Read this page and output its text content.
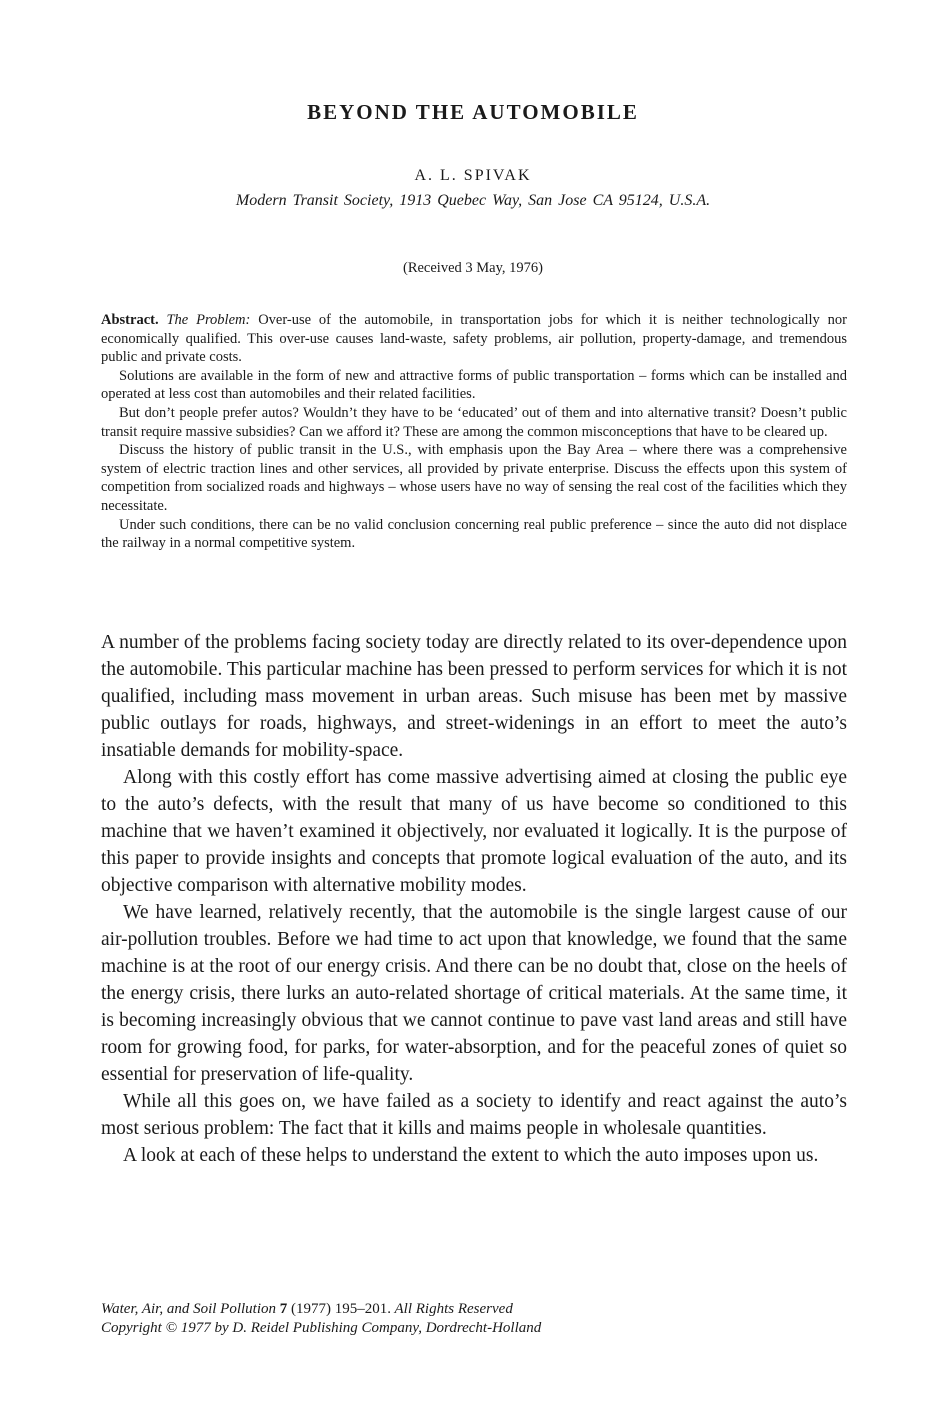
BEYOND THE AUTOMOBILE
A. L. SPIVAK
Modern Transit Society, 1913 Quebec Way, San Jose CA 95124, U.S.A.
(Received 3 May, 1976)

Abstract. The Problem: Over-use of the automobile, in transportation jobs for which it is neither technologically nor economically qualified. This over-use causes land-waste, safety problems, air pollution, property-damage, and tremendous public and private costs.

Solutions are available in the form of new and attractive forms of public transportation – forms which can be installed and operated at less cost than automobiles and their related facilities.

But don’t people prefer autos? Wouldn’t they have to be ‘educated’ out of them and into alternative transit? Doesn’t public transit require massive subsidies? Can we afford it? These are among the common misconceptions that have to be cleared up.

Discuss the history of public transit in the U.S., with emphasis upon the Bay Area – where there was a comprehensive system of electric traction lines and other services, all provided by private enterprise. Discuss the effects upon this system of competition from socialized roads and highways – whose users have no way of sensing the real cost of the facilities which they necessitate.

Under such conditions, there can be no valid conclusion concerning real public preference – since the auto did not displace the railway in a normal competitive system.

A number of the problems facing society today are directly related to its over-dependence upon the automobile. This particular machine has been pressed to perform services for which it is not qualified, including mass movement in urban areas. Such misuse has been met by massive public outlays for roads, highways, and street-widenings in an effort to meet the auto’s insatiable demands for mobility-space.

Along with this costly effort has come massive advertising aimed at closing the public eye to the auto’s defects, with the result that many of us have become so conditioned to this machine that we haven’t examined it objectively, nor evaluated it logically. It is the purpose of this paper to provide insights and concepts that promote logical evaluation of the auto, and its objective comparison with alternative mobility modes.

We have learned, relatively recently, that the automobile is the single largest cause of our air-pollution troubles. Before we had time to act upon that knowledge, we found that the same machine is at the root of our energy crisis. And there can be no doubt that, close on the heels of the energy crisis, there lurks an auto-related shortage of critical materials. At the same time, it is becoming increasingly obvious that we cannot continue to pave vast land areas and still have room for growing food, for parks, for water-absorption, and for the peaceful zones of quiet so essential for preservation of life-quality.

While all this goes on, we have failed as a society to identify and react against the auto’s most serious problem: The fact that it kills and maims people in wholesale quantities.

A look at each of these helps to understand the extent to which the auto imposes upon us.

Water, Air, and Soil Pollution 7 (1977) 195–201. All Rights Reserved
Copyright © 1977 by D. Reidel Publishing Company, Dordrecht-Holland
